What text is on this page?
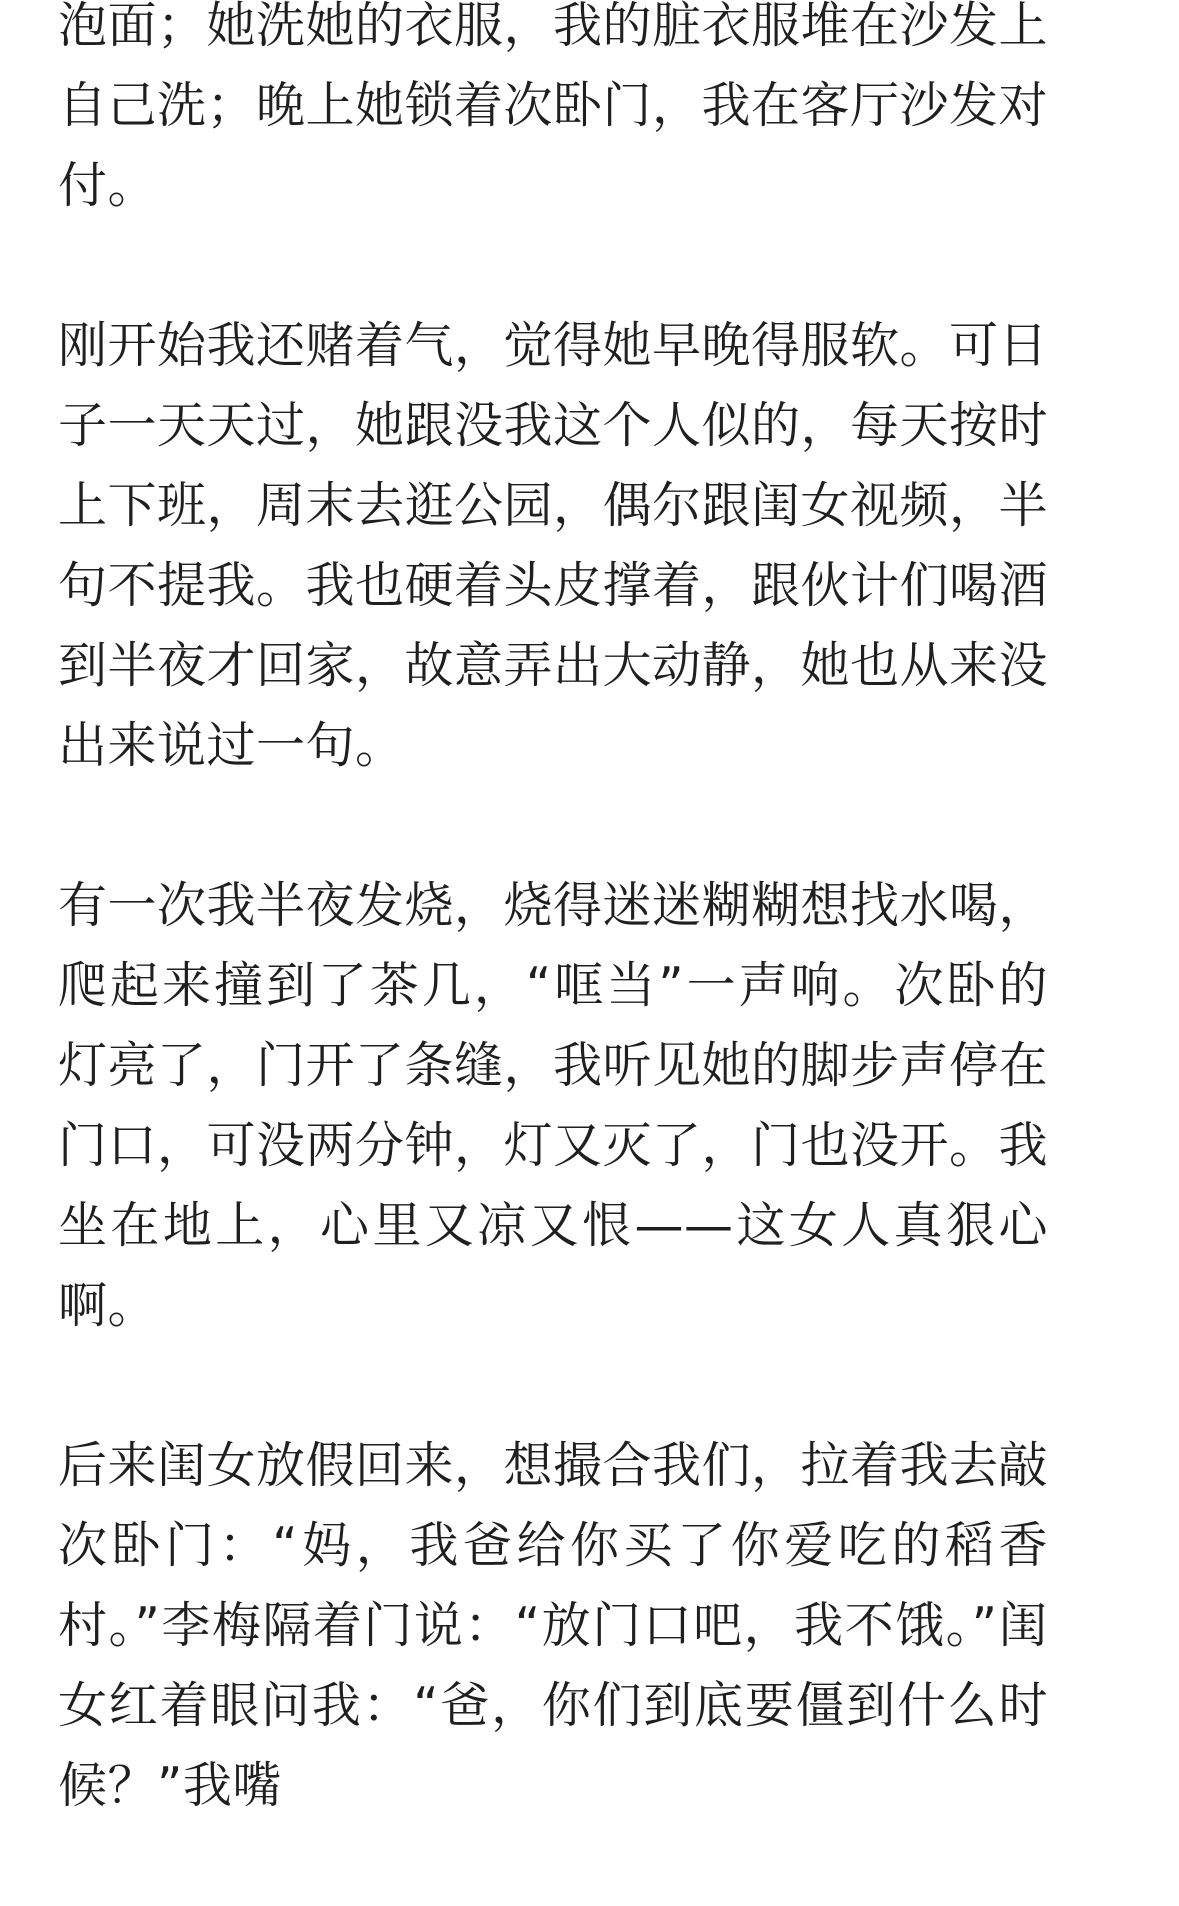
泡面；她洗她的衣服，我的脏衣服堆在沙发上自己洗；晚上她锁着次卧门，我在客厅沙发对付。

刚开始我还赌着气，觉得她早晚得服软。可日子一天天过，她跟没我这个人似的，每天按时上下班，周末去逛公园，偶尔跟闺女视频，半句不提我。我也硬着头皮撑着，跟伙计们喝酒到半夜才回家，故意弄出大动静，她也从来没出来说过一句。

有一次我半夜发烧，烧得迷迷糊糊想找水喝，爬起来撞到了茶几，“哐当”一声响。次卧的灯亮了，门开了条缝，我听见她的脚步声停在门口，可没两分钟，灯又灭了，门也没开。我坐在地上，心里又凉又恨——这女人真狠心啊。

后来闺女放假回来，想撮合我们，拉着我去敲次卧门：“妈，我爸给你买了你爱吃的稻香村。”李梅隔着门说：“放门口吧，我不饿。”闺女红着眼问我：“爸，你们到底要僵到什么时候？”我嘴
